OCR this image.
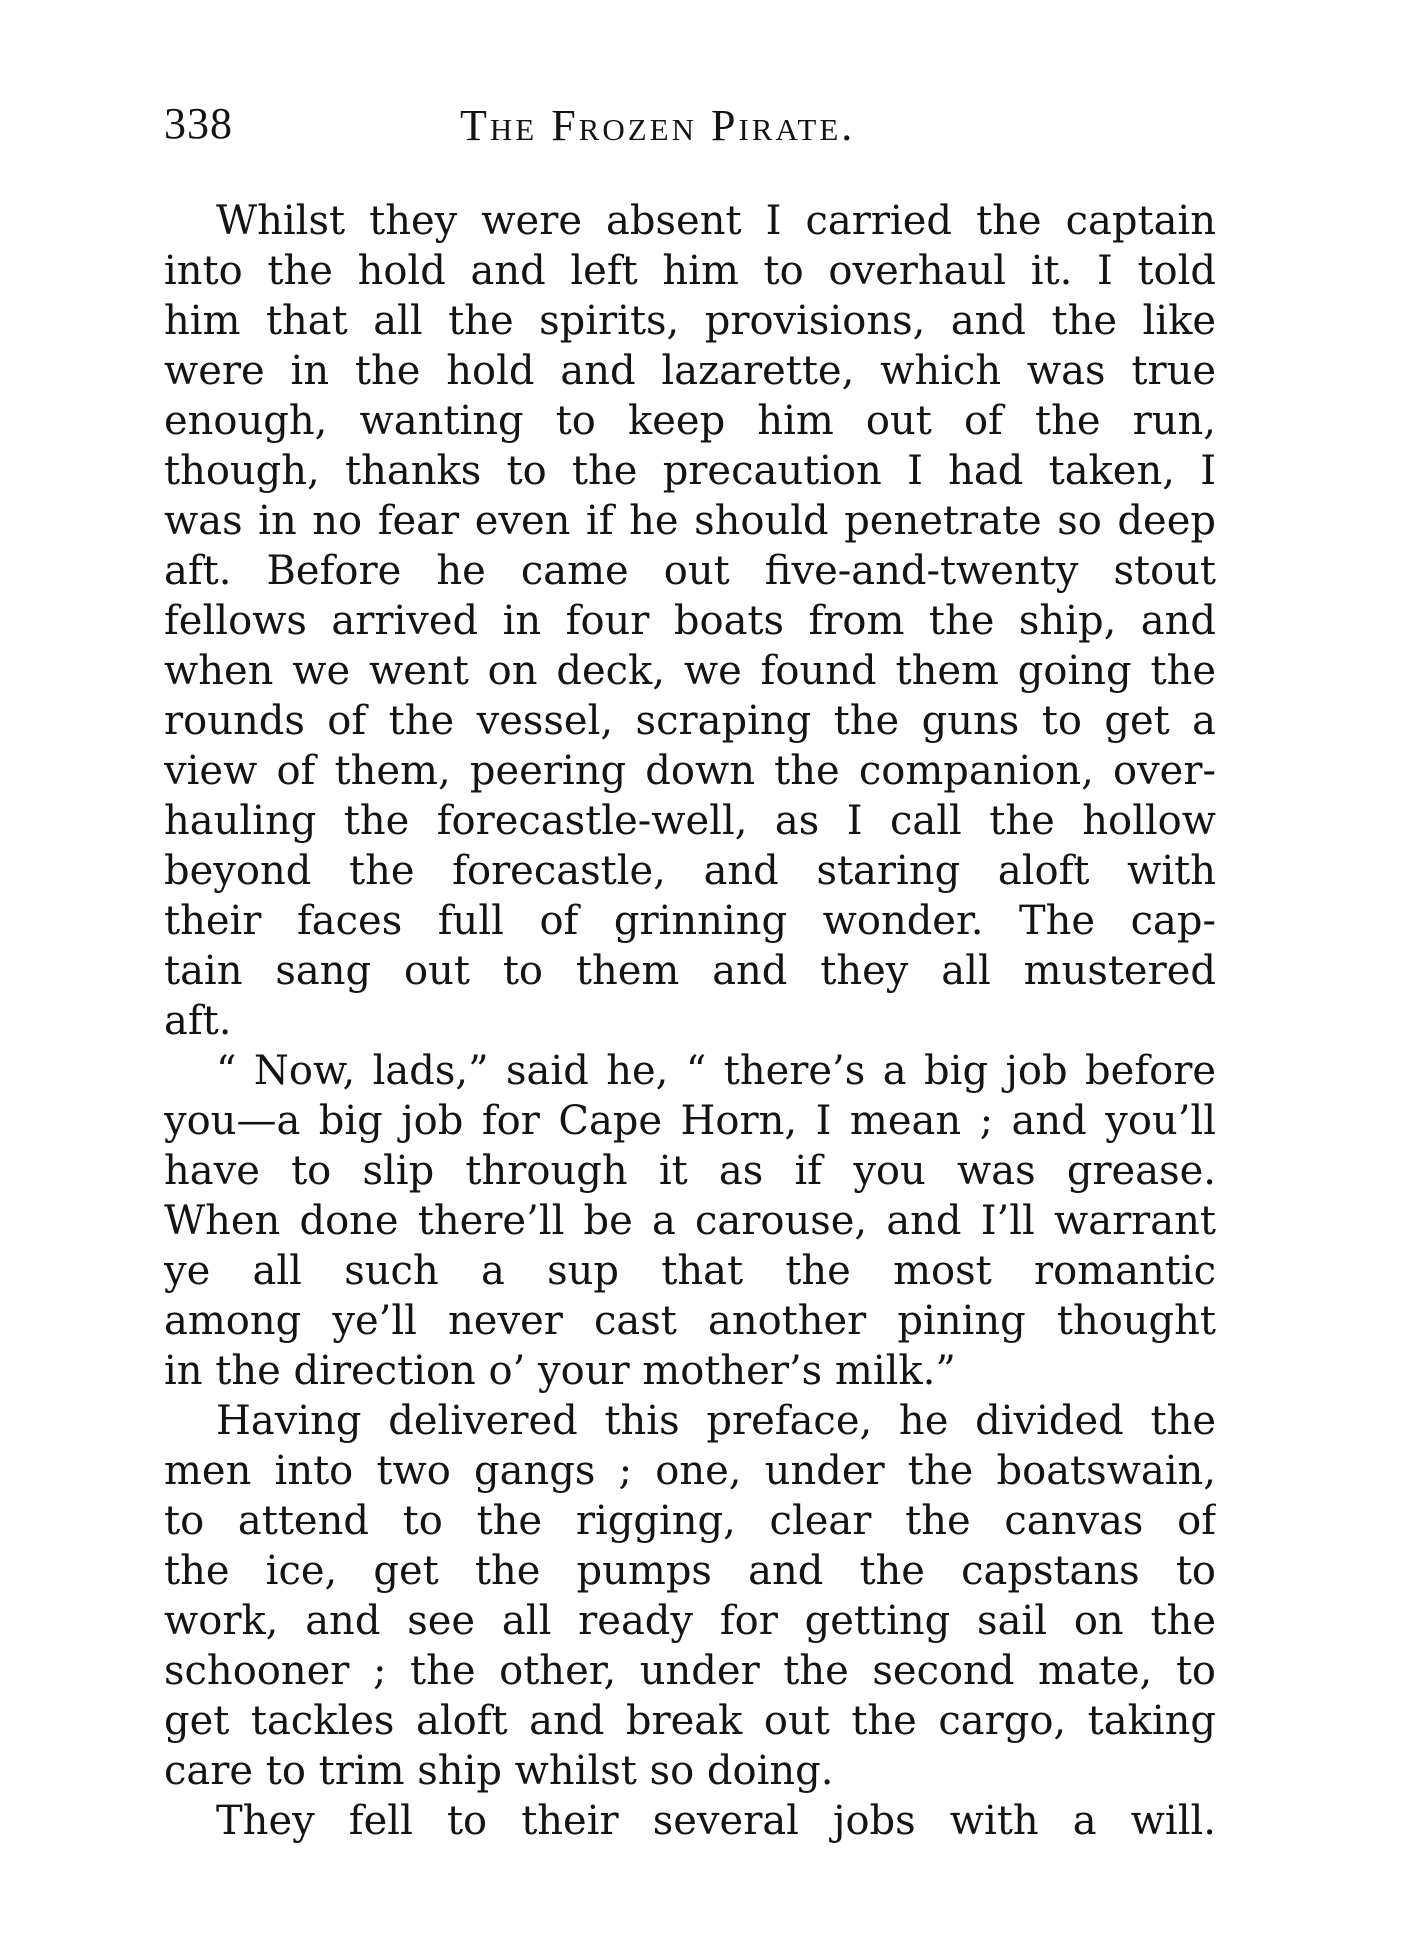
338	The Frozen Pirate.
Whilst they were absent I carried the captain
into the hold and left him to overhaul it. I told
him that all the spirits, provisions, and the like
were in the hold and lazarette, which was true
enough, wanting to keep him out of the run,
though, thanks to the precaution I had taken, I
was in no fear even if he should penetrate so deep
aft. Before he came out five-and-twenty stout
fellows arrived in four boats from the ship, and
when we went on deck, we found them going the
rounds of the vessel, scraping the guns to get a
view of them, peering down the companion, over-
hauling the forecastle-well, as I call the hollow
beyond the forecastle, and staring aloft with
their faces full of grinning wonder. The cap-
tain sang out to them and they all mustered
aft.
“ Now, lads,” said he, “ there’s a big job before
you—a big job for Cape Horn, I mean ; and you’ll
have to slip through it as if you was grease.
When done there’ll be a carouse, and I’ll warrant
ye all such a sup that the most romantic
among ye’ll never cast another pining thought
in the direction o’ your mother’s milk.”
Having delivered this preface, he divided the
men into two gangs ; one, under the boatswain,
to attend to the rigging, clear the canvas of
the ice, get the pumps and the capstans to
work, and see all ready for getting sail on the
schooner ; the other, under the second mate, to
get tackles aloft and break out the cargo, taking
care to trim ship whilst so doing.
They fell to their several jobs with a will.
